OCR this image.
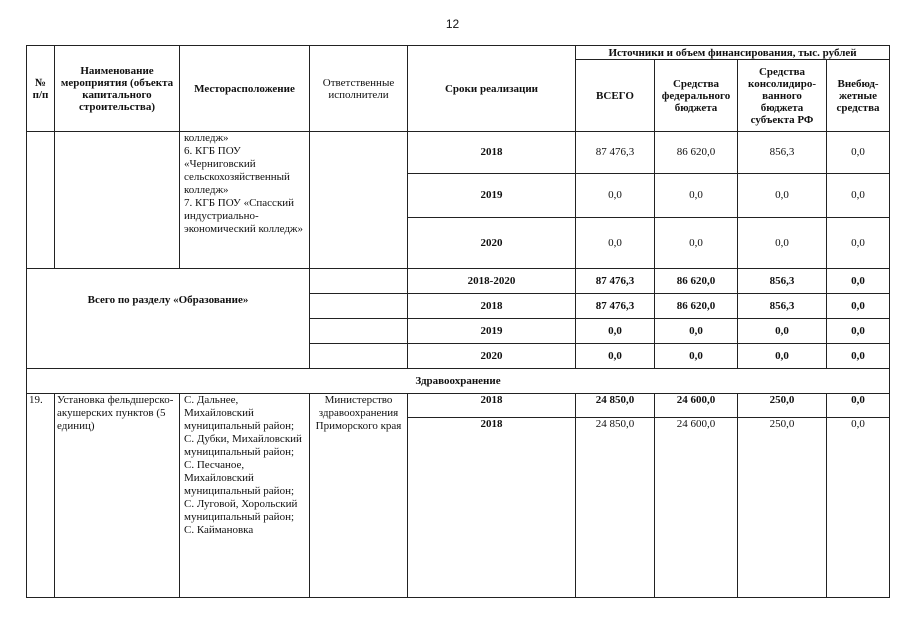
12
№
п/п	Наименование мероприятия (объекта капитального строительства)	Месторасположение	Ответственные исполнители	Сроки реализации	Источники и объем финансирования, тыс. рублей			
					ВСЕГО	Средства федерального бюджета	Средства консолидиро-ванного бюджета субъекта РФ	Внебюд-жетные средства
		колледж»
6. КГБ ПОУ «Черниговский сельскохозяйственный колледж»
7. КГБ ПОУ «Спасский индустриально-экономический колледж»		2018	87 476,3	86 620,0	856,3	0,0
				2019	0,0	0,0	0,0	0,0
				2020	0,0	0,0	0,0	0,0
				2018-2020	87 476,3	86 620,0	856,3	0,0
Всего по разделу «Образование»				2018	87 476,3	86 620,0	856,3	0,0
				2019	0,0	0,0	0,0	0,0
				2020	0,0	0,0	0,0	0,0
Здравоохранение								
19.	Установка фельдшерско-акушерских пунктов (5 единиц)	С. Дальнее, Михайловский муниципальный район;
С. Дубки, Михайловский муниципальный район;
С. Песчаное, Михайловский муниципальный район;
С. Луговой, Хорольский муниципальный район;
С. Каймановка	Министерство здравоохранения Приморского края	2018	24 850,0	24 600,0	250,0	0,0
				2018	24 850,0	24 600,0	250,0	0,0
